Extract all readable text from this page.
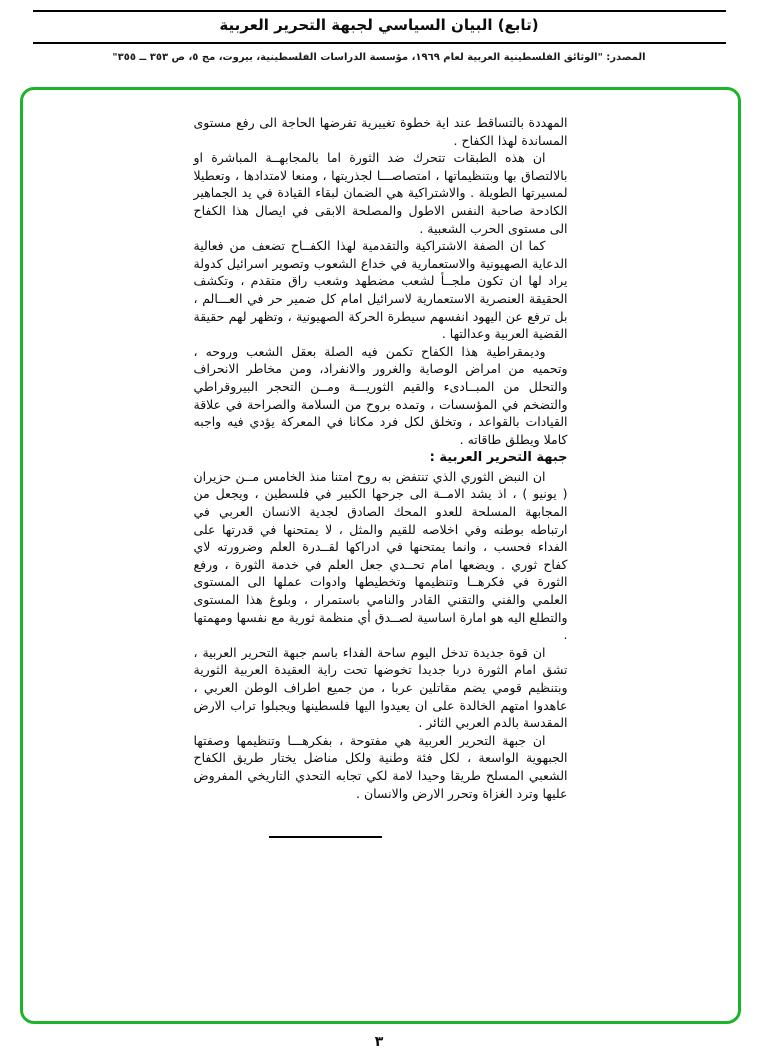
(تابع) البيان السياسي لجبهة التحرير العربية
المصدر: "الوثائق الفلسطينية العربية لعام ١٩٦٩، مؤسسة الدراسات الفلسطينية، بيروت، مج ٥، ص ٣٥٣ ــ ٣٥٥"

المهددة بالتساقط عند اية خطوة تغييرية تفرضها الحاجة الى رفع مستوى المساندة لهذا الكفاح .

ان هذه الطبقات تتحرك ضد الثورة اما بالمجابهــة المباشرة او بالالتصاق بها وبتنظيماتها ، امتصاصـــا لجذريتها ، ومنعا لامتدادها ، وتعطيلا لمسيرتها الطويلة . والاشتراكية هي الضمان لبقاء القيادة في يد الجماهير الكادحة صاحبة النفس الاطول والمصلحة الابقى في ايصال هذا الكفاح الى مستوى الحرب الشعبية .

كما ان الصفة الاشتراكية والتقدمية لهذا الكفــاح تضعف من فعالية الدعاية الصهيونية والاستعمارية في خداع الشعوب وتصوير اسرائيل كدولة يراد لها ان تكون ملجــأ لشعب مضطهد وشعب راق متقدم ، وتكشف الحقيقة العنصرية الاستعمارية لاسرائيل امام كل ضمير حر في العـــالم ، بل ترفع عن اليهود انفسهم سيطرة الحركة الصهيونية ، وتظهر لهم حقيقة القضية العربية وعدالتها .

وديمقراطية هذا الكفاح تكمن فيه الصلة بعقل الشعب وروحه ، وتحميه من امراض الوصاية والغرور والانفراد، ومن مخاطر الانحراف والتحلل من المبــادىء والقيم الثوريـــة ومــن التحجر البيروقراطي والتضخم في المؤسسات ، وتمده بروح من السلامة والصراحة في علاقة القيادات بالقواعد ، وتخلق لكل فرد مكانا في المعركة يؤدي فيه واجبه كاملا ويطلق طاقاته .

جبهة التحرير العربية :

ان النبض الثوري الذي تنتفض به روح امتنا منذ الخامس مــن حزيران ( يونيو ) ، اذ يشد الامــة الى جرحها الكبير في فلسطين ، ويجعل من المجابهة المسلحة للعدو المحك الصادق لجدية الانسان العربي في ارتباطه بوطنه وفي اخلاصه للقيم والمثل ، لا يمتحنها في قدرتها على الفداء فحسب ، وانما يمتحنها في ادراكها لقــدرة العلم وضرورته لاي كفاح ثوري . ويضعها امام تحــدي جعل العلم في خدمة الثورة ، ورفع الثورة في فكرهــا وتنظيمها وتخطيطها وادوات عملها الى المستوى العلمي والفني والتقني القادر والنامي باستمرار ، وبلوغ هذا المستوى والتطلع اليه هو امارة اساسية لصــدق أي منظمة ثورية مع نفسها ومهمتها .

ان قوة جديدة تدخل اليوم ساحة الفداء باسم جبهة التحرير العربية ، تشق امام الثورة دربا جديدا تخوضها تحت راية العقيدة العربية الثورية وبتنظيم قومي يضم مقاتلين عربا ، من جميع اطراف الوطن العربي ، عاهدوا امتهم الخالدة على ان يعيدوا اليها فلسطينها ويجبلوا تراب الارض المقدسة بالدم العربي الثائر .

ان جبهة التحرير العربية هي مفتوحة ، بفكرهـــا وتنظيمها وصفتها الجبهوية الواسعة ، لكل فئة وطنية ولكل مناضل يختار طريق الكفاح الشعبي المسلح طريقا وحيدا لامة لكي تجابه التحدي التاريخي المفروض عليها وترد الغزاة وتحرر الارض والانسان .

٣
